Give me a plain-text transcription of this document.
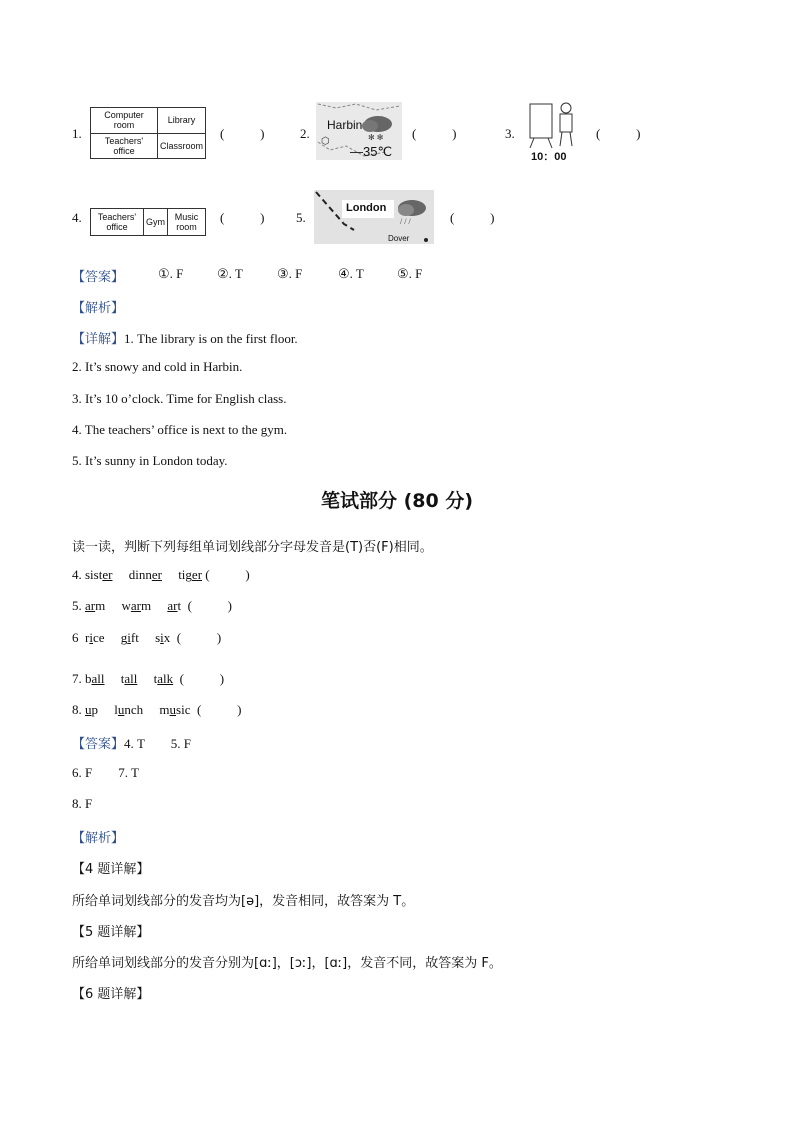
1.
Computer room	Library
Teachers' office	Classroom
(           )	2.	✻ ✻
⬡
Harbin
—35℃
(           )	3.
10：00
(           )
4. Teachers' office	Gym	Music room
(           ) 5.	/ / /
London
Dover
(           )
【答案】	①. F	②. T	③. F	④. T	⑤. F
【解析】
【详解】1. The library is on the first floor.
2. It’s snowy and cold in Harbin.
3. It’s 10 o’clock. Time for English class.
4. The teachers’ office is next to the gym.
5. It’s sunny in London today.
笔试部分 (80 分)
读一读，判断下列每组单词划线部分字母发音是(T)否(F)相同。
4. sister dinner tiger (           )
5. arm warm art (           )
6 rice gift six (           )
7. ball tall talk (           )
8. up lunch music (           )
【答案】4. T 5. F
6. F 7. T
8. F
【解析】
【4 题详解】
所给单词划线部分的发音均为[ə]，发音相同，故答案为 T。
【5 题详解】
所给单词划线部分的发音分别为[ɑː]，[ɔː]，[ɑː]，发音不同，故答案为 F。
【6 题详解】
